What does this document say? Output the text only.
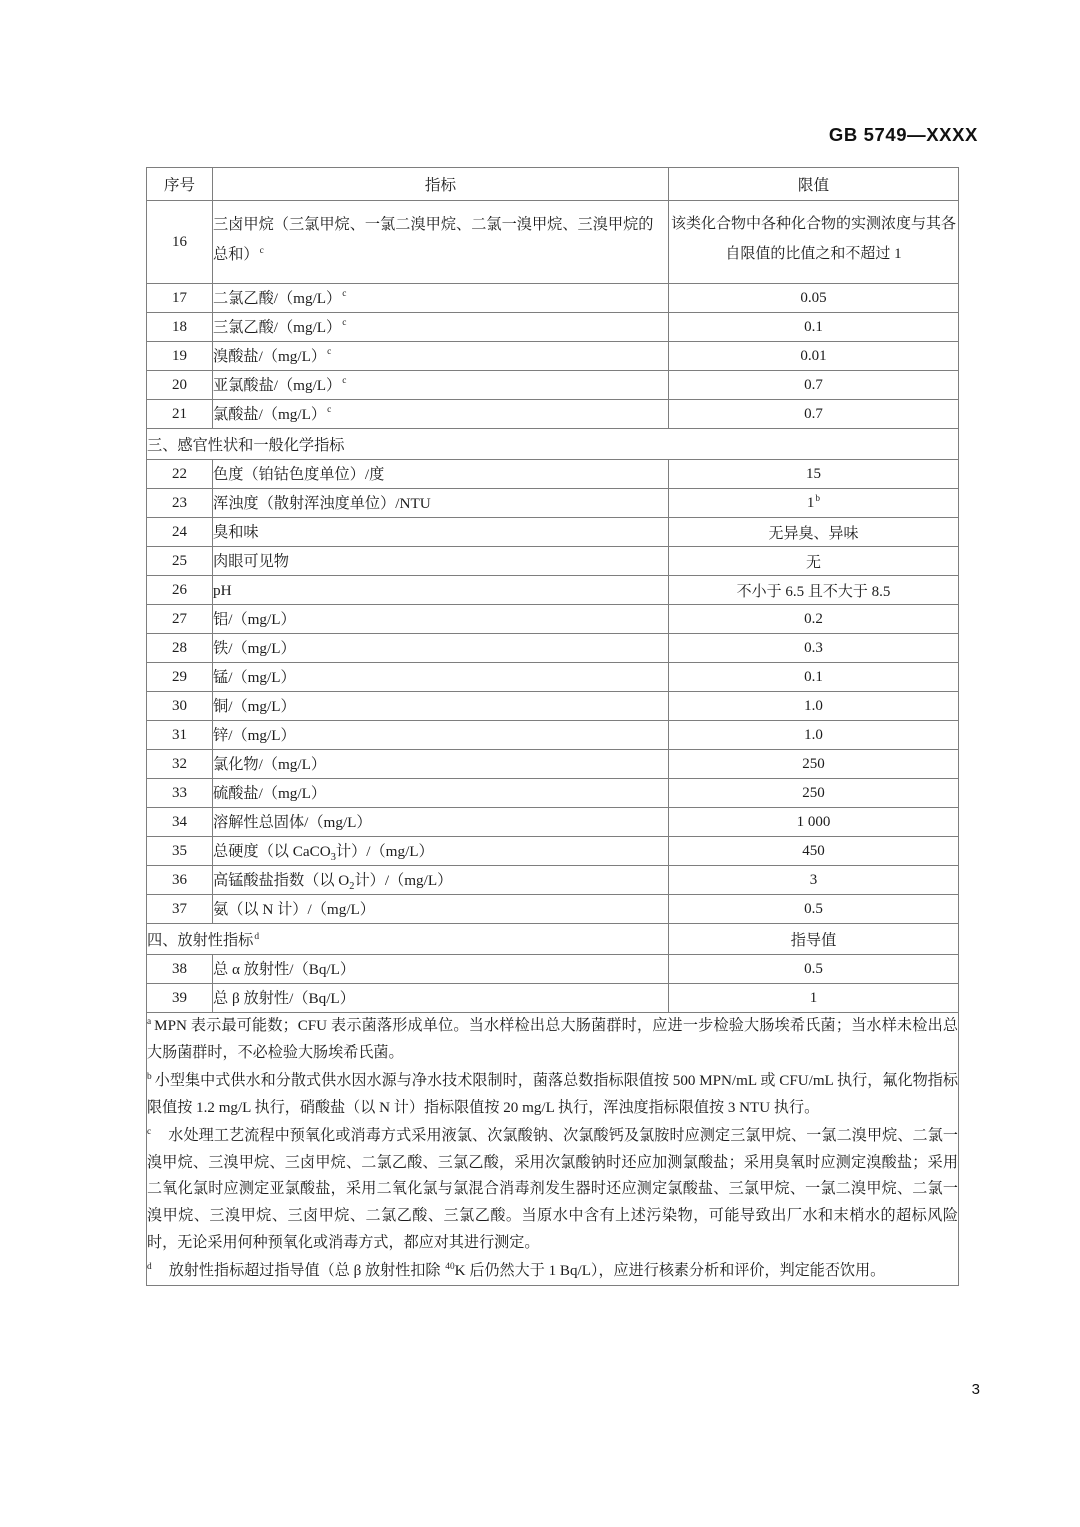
GB 5749—XXXX
序号	指标	限值
16	三卤甲烷（三氯甲烷、一氯二溴甲烷、二氯一溴甲烷、三溴甲烷的总和）$^c$	该类化合物中各种化合物的实测浓度与其各自限值的比值之和不超过 1
17	二氯乙酸$/(mg/L)^c$	0.05
18	三氯乙酸$/(mg/L)^c$	0.1
19	溴酸盐$/(mg/L)^c$	0.01
20	亚氯酸盐$/(mg/L)^c$	0.7
21	氯酸盐$/(mg/L)^c$	0.7
三、感官性状和一般化学指标		
22	色度（铂钴色度单位）/度	15
23	浑浊度（散射浑浊度单位）/NTU	1$^b$
24	臭和味	无异臭、异味
25	肉眼可见物	无
26	pH	不小于 6.5 且不大于 8.5
27	铝/（mg/L）	0.2
28	铁/（mg/L）	0.3
29	锰/（mg/L）	0.1
30	铜/（mg/L）	1.0
31	锌/（mg/L）	1.0
32	氯化物/（mg/L）	250
33	硫酸盐/（mg/L）	250
34	溶解性总固体/（mg/L）	1 000
35	总硬度（以 CaCO$_3$计）/（mg/L）	450
36	高锰酸盐指数（以 $O_2$计）/（mg/L）	3
37	氨（以 N 计）/（mg/L）	0.5
四、放射性指标$^d$		指导值
38	总 α 放射性/（Bq/L）	0.5
39	总 β 放射性/（Bq/L）	1

$^a$ MPN 表示最可能数；CFU 表示菌落形成单位。当水样检出总大肠菌群时，应进一步检验大肠埃希氏菌；当水样未检出总大肠菌群时，不必检验大肠埃希氏菌。

$^b$ 小型集中式供水和分散式供水因水源与净水技术限制时，菌落总数指标限值按 500 MPN/mL 或 CFU/mL 执行，氟化物指标限值按 1.2 mg/L 执行，硝酸盐（以 N 计）指标限值按 20 mg/L 执行，浑浊度指标限值按 3 NTU 执行。

$^c$ 水处理工艺流程中预氧化或消毒方式采用液氯、次氯酸钠、次氯酸钙及氯胺时应测定三氯甲烷、一氯二溴甲烷、二氯一溴甲烷、三溴甲烷、三卤甲烷、二氯乙酸、三氯乙酸，采用次氯酸钠时还应加测氯酸盐；采用臭氧时应测定溴酸盐；采用二氧化氯时应测定亚氯酸盐，采用二氧化氯与氯混合消毒剂发生器时还应测定氯酸盐、三氯甲烷、一氯二溴甲烷、二氯一溴甲烷、三溴甲烷、三卤甲烷、二氯乙酸、三氯乙酸。当原水中含有上述污染物，可能导致出厂水和末梢水的超标风险时，无论采用何种预氧化或消毒方式，都应对其进行测定。

$^d$ 放射性指标超过指导值（总 β 放射性扣除 $^{40}$K 后仍然大于 1 Bq/L），应进行核素分析和评价，判定能否饮用。		

3
